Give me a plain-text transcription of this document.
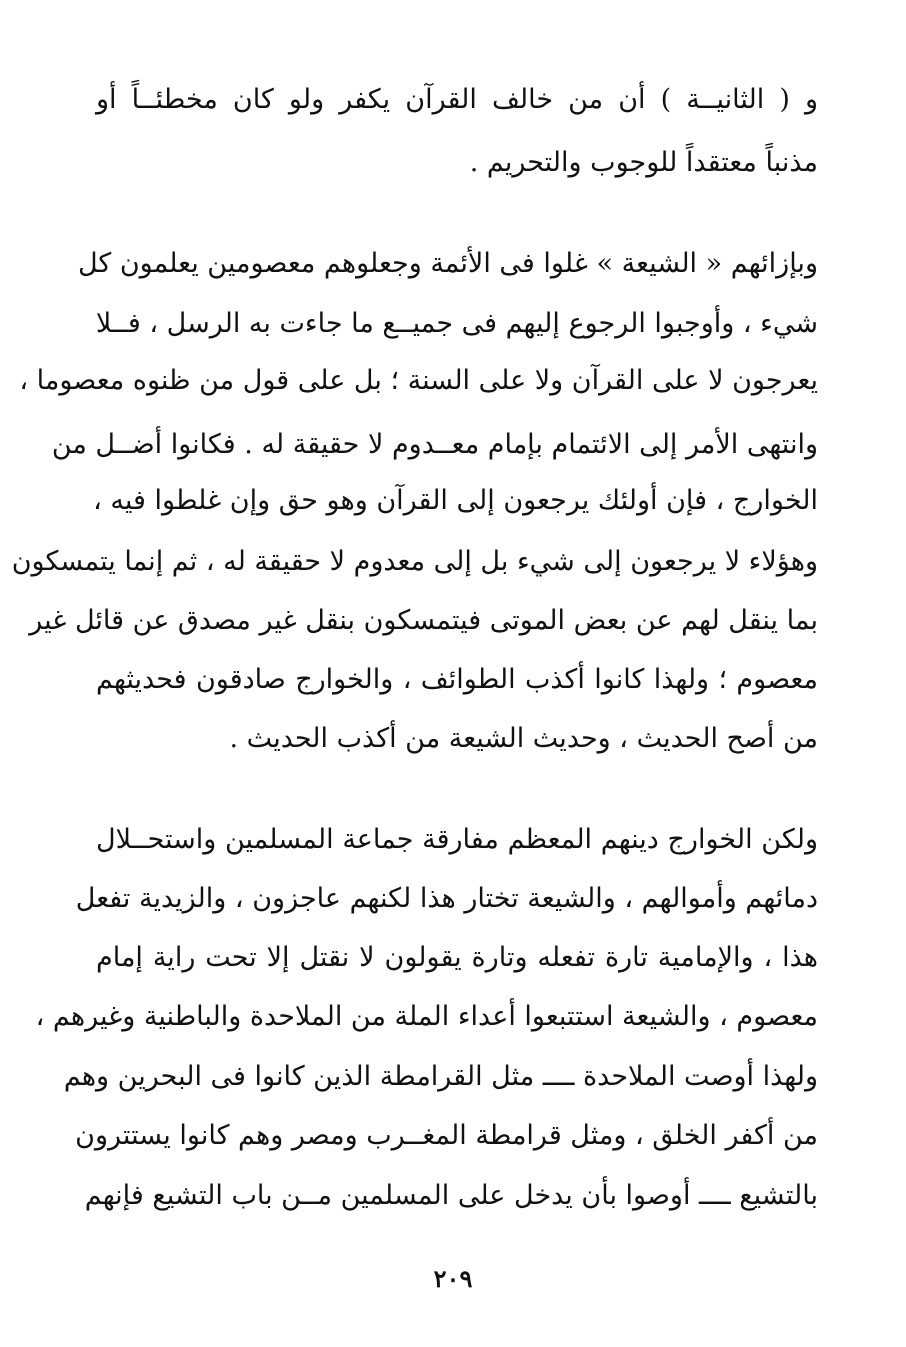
و ( الثانيــة ) أن من خالف القرآن يكفر ولو كان مخطئــاً أو
مذنباً معتقداً للوجوب والتحريم .
وبإزائهم « الشيعة » غلوا فى الأئمة وجعلوهم معصومين يعلمون كل
شيء ، وأوجبوا الرجوع إليهم فى جميــع ما جاءت به الرسل ، فــلا
يعرجون لا على القرآن ولا على السنة ؛ بل على قول من ظنوه معصوما ،
وانتهى الأمر إلى الائتمام بإمام معــدوم لا حقيقة له . فكانوا أضــل من
الخوارج ، فإن أولئك يرجعون إلى القرآن وهو حق وإن غلطوا فيه ،
وهؤلاء لا يرجعون إلى شيء بل إلى معدوم لا حقيقة له ، ثم إنما يتمسكون
بما ينقل لهم عن بعض الموتى فيتمسكون بنقل غير مصدق عن قائل غير
معصوم ؛ ولهذا كانوا أكذب الطوائف ، والخوارج صادقون فحديثهم
من أصح الحديث ، وحديث الشيعة من أكذب الحديث .
ولكن الخوارج دينهم المعظم مفارقة جماعة المسلمين واستحــلال
دمائهم وأموالهم ، والشيعة تختار هذا لكنهم عاجزون ، والزيدية تفعل
هذا ، والإمامية تارة تفعله وتارة يقولون لا نقتل إلا تحت راية إمام
معصوم ، والشيعة استتبعوا أعداء الملة من الملاحدة والباطنية وغيرهم ،
ولهذا أوصت الملاحدة ــــ مثل القرامطة الذين كانوا فى البحرين وهم
من أكفر الخلق ، ومثل قرامطة المغــرب ومصر وهم كانوا يستترون
بالتشيع ــــ أوصوا بأن يدخل على المسلمين مــن باب التشيع فإنهم
٢٠٩
